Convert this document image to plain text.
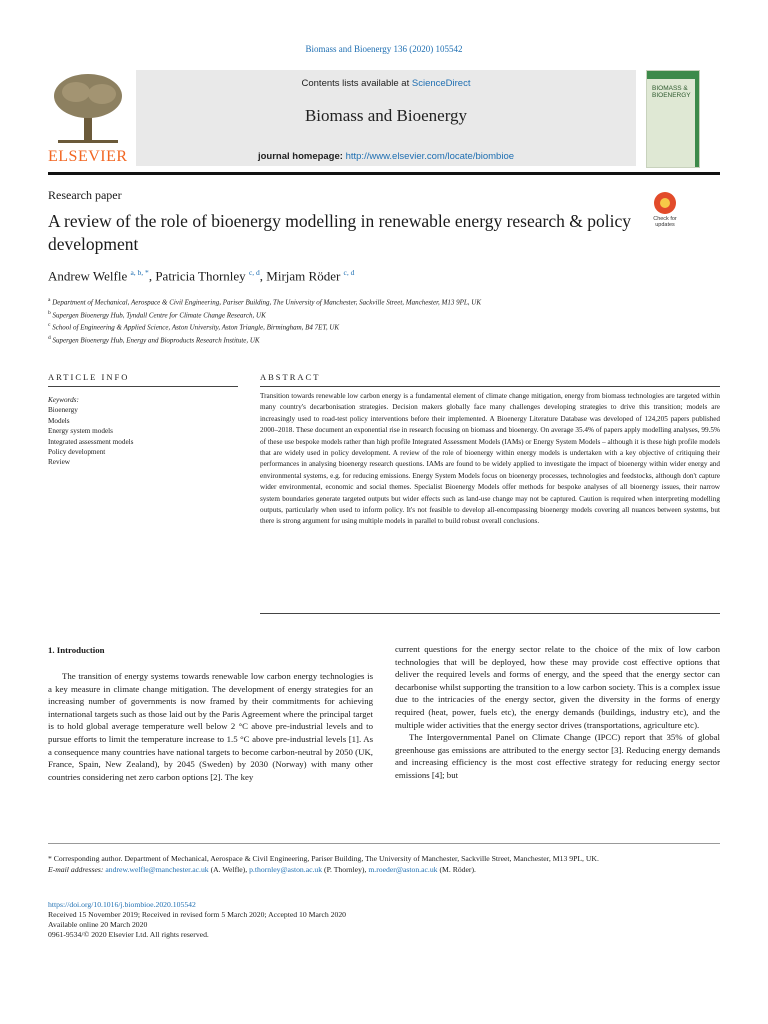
Biomass and Bioenergy 136 (2020) 105542
ELSEVIER
Contents lists available at ScienceDirect
Biomass and Bioenergy
journal homepage: http://www.elsevier.com/locate/biombioe
BIOMASS & BIOENERGY
Research paper
A review of the role of bioenergy modelling in renewable energy research & policy development
Check for updates
Andrew Welfle $^{a, b, *}$, Patricia Thornley $^{c, d}$, Mirjam Röder $^{c, d}$
$^a$ Department of Mechanical, Aerospace & Civil Engineering, Pariser Building, The University of Manchester, Sackville Street, Manchester, M13 9PL, UK
$^b$ Supergen Bioenergy Hub, Tyndall Centre for Climate Change Research, UK
$^c$ School of Engineering & Applied Science, Aston University, Aston Triangle, Birmingham, B4 7ET, UK
$^d$ Supergen Bioenergy Hub, Energy and Bioproducts Research Institute, UK
ARTICLE INFO	ABSTRACT
Keywords:
Bioenergy
Models
Energy system models
Integrated assessment models
Policy development
Review
Transition towards renewable low carbon energy is a fundamental element of climate change mitigation, energy from biomass technologies are targeted within many country's decarbonisation strategies. Decision makers globally face many challenges developing strategies to drive this transition; models are increasingly used to road-test policy interventions before their implemented. A Bioenergy Literature Database was developed of 124,205 papers published 2000–2018. These document an exponential rise in research focusing on biomass and bioenergy. On average 35.4% of papers apply modelling analyses, 99.5% of these use bespoke models rather than high profile Integrated Assessment Models (IAMs) or Energy System Models – although it is these high profile models that are widely used in policy development. A review of the role of bioenergy within energy models is undertaken with a key objective of critiquing their performances in analysing bioenergy research questions. IAMs are found to be widely applied to investigate the impact of bioenergy within wider energy and environmental systems, e.g. for reducing emissions. Energy System Models focus on bioenergy processes, technologies and feedstocks, although don't capture wider environmental, economic and social themes. Specialist Bioenergy Models offer methods for bespoke analyses of all bioenergy issues, their narrow system boundaries generate targeted outputs but wider effects such as land-use change may not be captured. Caution is required when interpreting modelling outputs, particularly when used to inform policy. It's not feasible to develop all-encompassing bioenergy models covering all nuances between systems, but there is strong argument for using multiple models in parallel to build robust overall conclusions.
1. Introduction

The transition of energy systems towards renewable low carbon energy technologies is a key measure in climate change mitigation. The development of energy strategies for an increasing number of governments is now framed by their commitments for achieving international targets such as those laid out by the Paris Agreement where the principal target is to hold global average temperature well below 2 °C above pre-industrial levels and to pursue efforts to limit the temperature increase to 1.5 °C above pre-industrial levels [1]. As a consequence many countries have national targets to become carbon-neutral by 2050 (UK, France, Spain, New Zealand), by 2045 (Sweden) by 2030 (Norway) with many other countries considering net zero carbon options [2]. The key

current questions for the energy sector relate to the choice of the mix of low carbon technologies that will be deployed, how these may provide cost effective options that deliver the required levels and forms of energy, and the speed that the energy sector can decarbonise whilst supporting the transition to a low carbon society. This is a complex issue due to the intricacies of the energy sector, given the diversity in the forms of energy required (heat, power, fuels etc), the energy demands (buildings, industry etc), and the multiple wider activities that the energy sector drives (transportations, agriculture etc).

The Intergovernmental Panel on Climate Change (IPCC) report that 35% of global greenhouse gas emissions are attributed to the energy sector [3]. Reducing energy demands and increasing efficiency is the most cost effective strategy for reducing energy sector emissions [4]; but

* Corresponding author. Department of Mechanical, Aerospace & Civil Engineering, Pariser Building, The University of Manchester, Sackville Street, Manchester, M13 9PL, UK.
E-mail addresses: andrew.welfle@manchester.ac.uk (A. Welfle), p.thornley@aston.ac.uk (P. Thornley), m.roeder@aston.ac.uk (M. Röder).
https://doi.org/10.1016/j.biombioe.2020.105542
Received 15 November 2019; Received in revised form 5 March 2020; Accepted 10 March 2020
Available online 20 March 2020
0961-9534/© 2020 Elsevier Ltd. All rights reserved.
